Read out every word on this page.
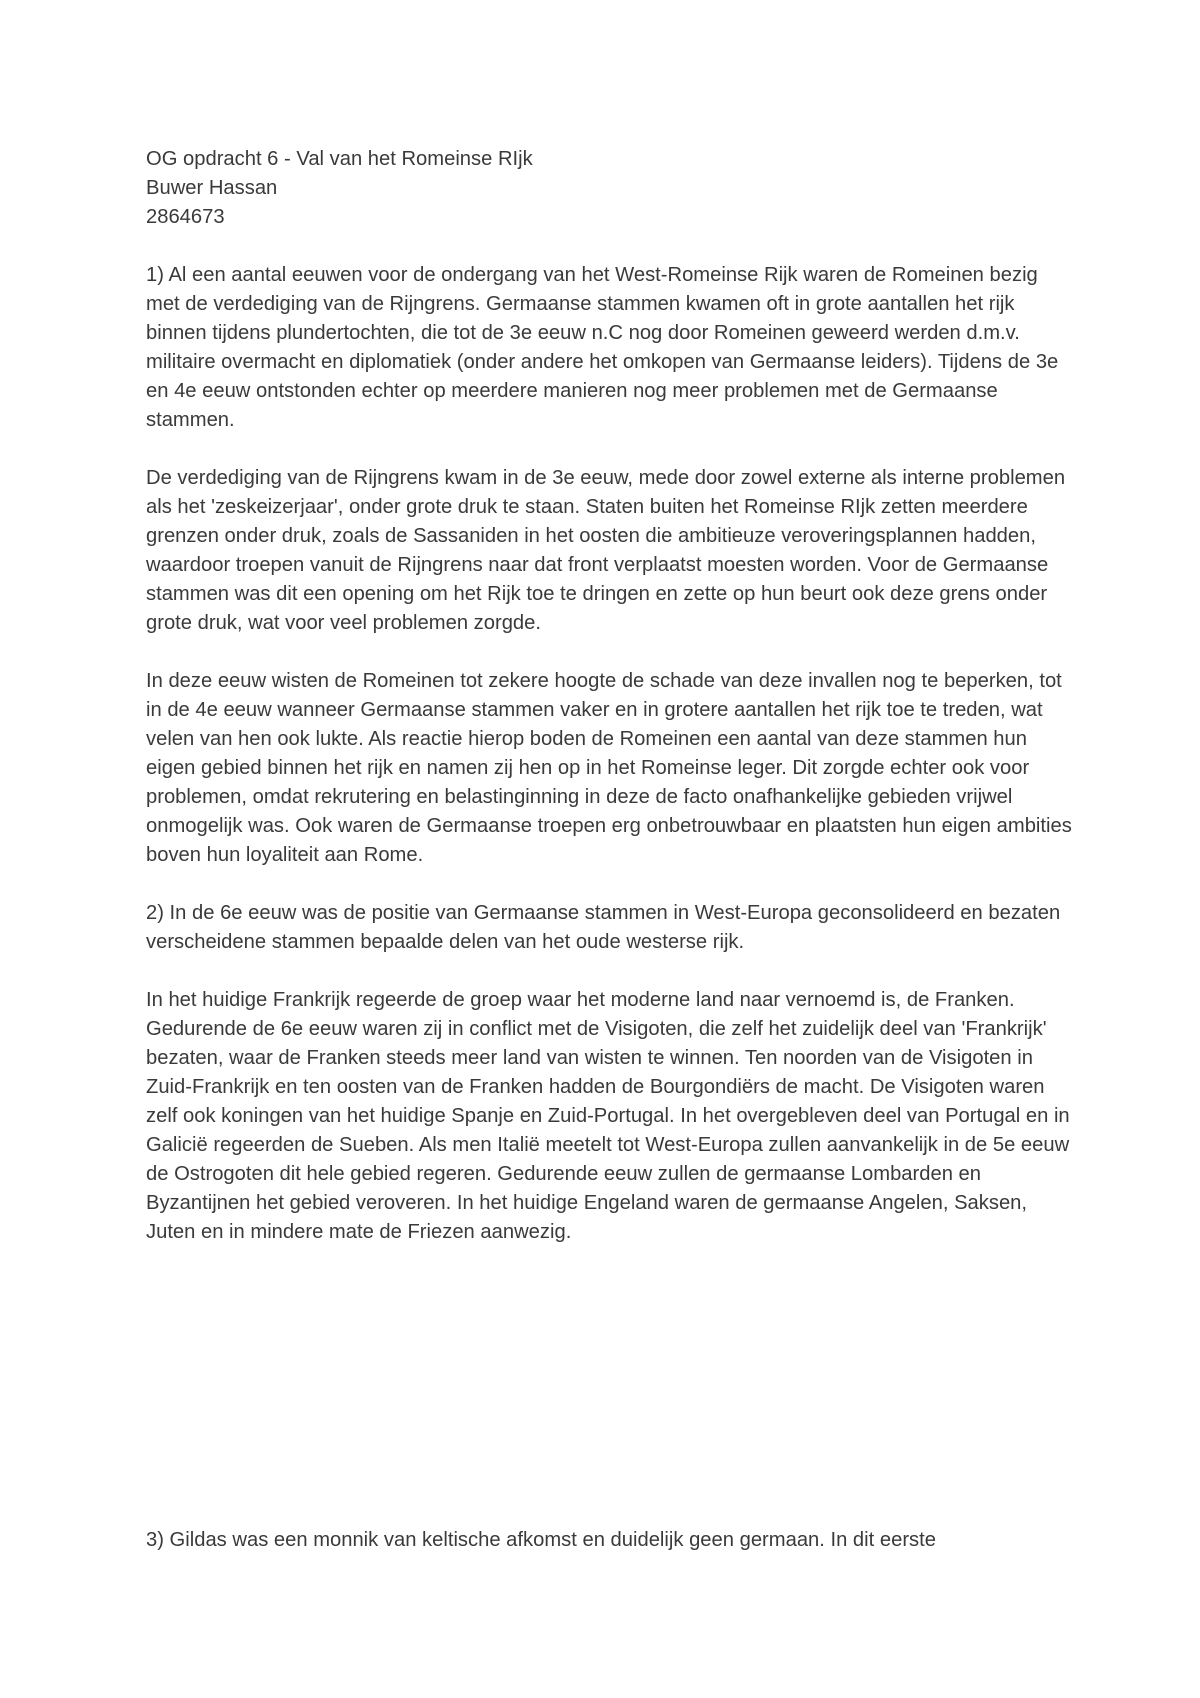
OG opdracht 6 - Val van het Romeinse RIjk
Buwer Hassan
2864673

1) Al een aantal eeuwen voor de ondergang van het West-Romeinse Rijk waren de Romeinen bezig met de verdediging van de Rijngrens. Germaanse stammen kwamen oft in grote aantallen het rijk binnen tijdens plundertochten, die tot de 3e eeuw n.C nog door Romeinen geweerd werden d.m.v. militaire overmacht en diplomatiek (onder andere het omkopen van Germaanse leiders). Tijdens de 3e en 4e eeuw ontstonden echter op meerdere manieren nog meer problemen met de Germaanse stammen.

De verdediging van de Rijngrens kwam in de 3e eeuw, mede door zowel externe als interne problemen als het 'zeskeizerjaar', onder grote druk te staan. Staten buiten het Romeinse RIjk zetten meerdere grenzen onder druk, zoals de Sassaniden in het oosten die ambitieuze veroveringsplannen hadden, waardoor troepen vanuit de Rijngrens naar dat front verplaatst moesten worden. Voor de Germaanse stammen was dit een opening om het Rijk toe te dringen en zette op hun beurt ook deze grens onder grote druk, wat voor veel problemen zorgde.

In deze eeuw wisten de Romeinen tot zekere hoogte de schade van deze invallen nog te beperken, tot in de 4e eeuw wanneer Germaanse stammen vaker en in grotere aantallen het rijk toe te treden, wat velen van hen ook lukte. Als reactie hierop boden de Romeinen een aantal van deze stammen hun eigen gebied binnen het rijk en namen zij hen op in het Romeinse leger. Dit zorgde echter ook voor problemen, omdat rekrutering en belastinginning in deze de facto onafhankelijke gebieden vrijwel onmogelijk was. Ook waren de Germaanse troepen erg onbetrouwbaar en plaatsten hun eigen ambities boven hun loyaliteit aan Rome.

2) In de 6e eeuw was de positie van Germaanse stammen in West-Europa geconsolideerd en bezaten verscheidene stammen bepaalde delen van het oude westerse rijk.

In het huidige Frankrijk regeerde de groep waar het moderne land naar vernoemd is, de Franken. Gedurende de 6e eeuw waren zij in conflict met de Visigoten, die zelf het zuidelijk deel van 'Frankrijk' bezaten, waar de Franken steeds meer land van wisten te winnen. Ten noorden van de Visigoten in Zuid-Frankrijk en ten oosten van de Franken hadden de Bourgondiërs de macht. De Visigoten waren zelf ook koningen van het huidige Spanje en Zuid-Portugal. In het overgebleven deel van Portugal en in Galicië regeerden de Sueben. Als men Italië meetelt tot West-Europa zullen aanvankelijk in de 5e eeuw de Ostrogoten dit hele gebied regeren. Gedurende eeuw zullen de germaanse Lombarden en Byzantijnen het gebied veroveren. In het huidige Engeland waren de germaanse Angelen, Saksen, Juten en in mindere mate de Friezen aanwezig.

3) Gildas was een monnik van keltische afkomst en duidelijk geen germaan. In dit eerste
